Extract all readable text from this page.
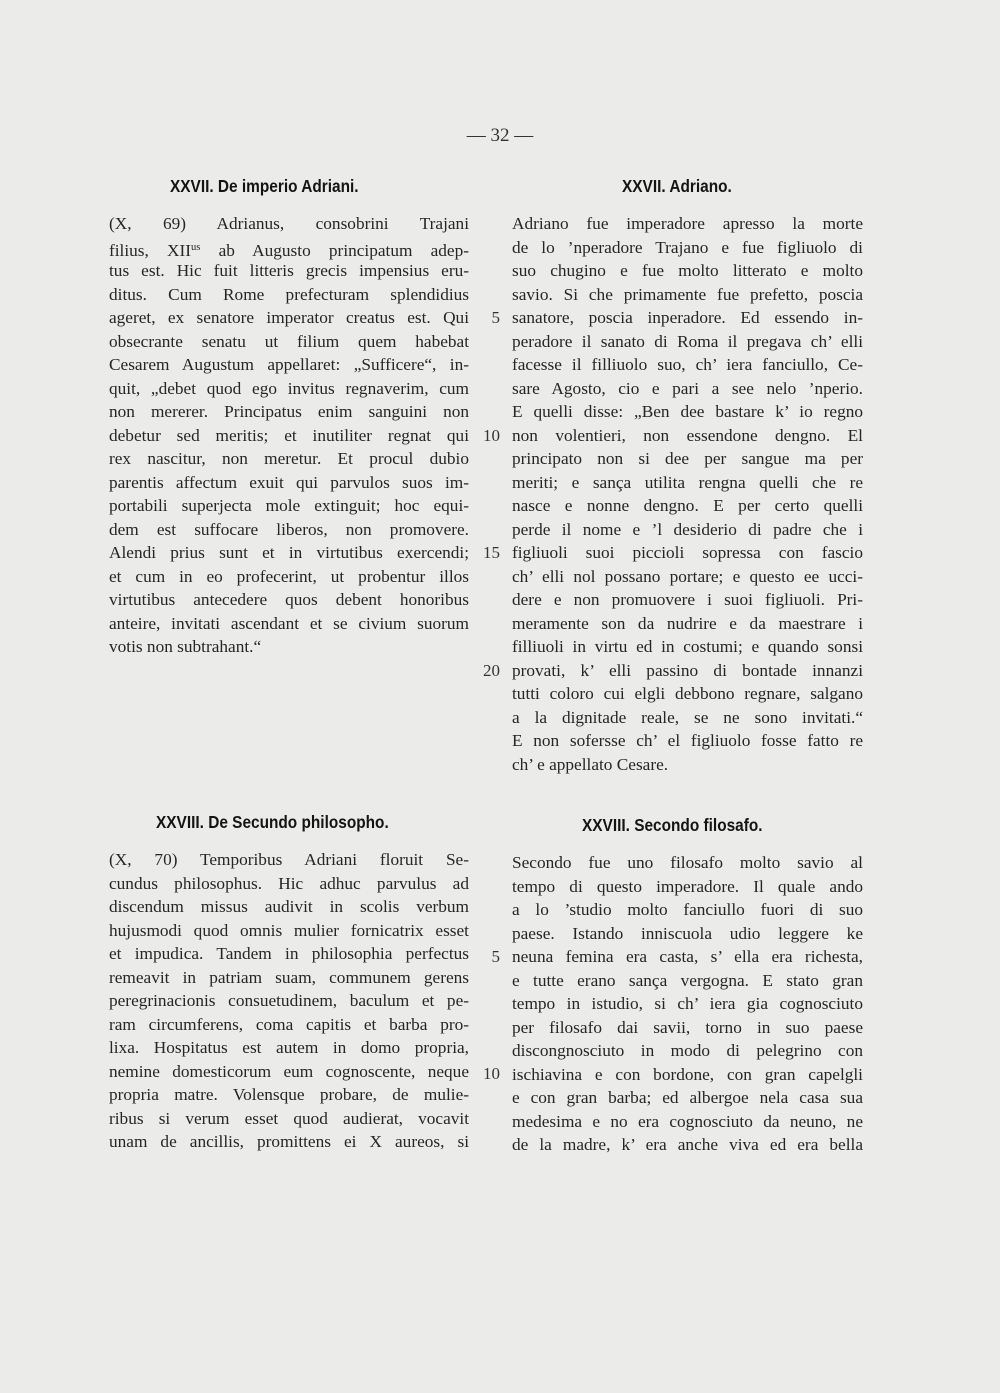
— 32 —
XXVII. De imperio Adriani.	XXVII. Adriano.
(X, 69) Adrianus, consobrini Trajani
filius, $XII^{us}$ ab Augusto principatum adep-
tus est. Hic fuit litteris grecis impensius eru-
ditus. Cum Rome prefecturam splendidius
ageret, ex senatore imperator creatus est. Qui
obsecrante senatu ut filium quem habebat
Cesarem Augustum appellaret: „Sufficere“, in-
quit, „debet quod ego invitus regnaverim, cum
non mererer. Principatus enim sanguini non
debetur sed meritis; et inutiliter regnat qui
rex nascitur, non meretur. Et procul dubio
parentis affectum exuit qui parvulos suos im-
portabili superjecta mole extinguit; hoc equi-
dem est suffocare liberos, non promovere.
Alendi prius sunt et in virtutibus exercendi;
et cum in eo profecerint, ut probentur illos
virtutibus antecedere quos debent honoribus
anteire, invitati ascendant et se civium suorum
votis non subtrahant.“
Adriano fue imperadore apresso la morte
de lo ’nperadore Trajano e fue figliuolo di
suo chugino e fue molto litterato e molto
savio. Si che primamente fue prefetto, poscia
sanatore, poscia inperadore. Ed essendo in-
peradore il sanato di Roma il pregava ch’ elli
facesse il filliuolo suo, ch’ iera fanciullo, Ce-
sare Agosto, cio e pari a see nelo ’nperio.
E quelli disse: „Ben dee bastare k’ io regno
non volentieri, non essendone dengno. El
principato non si dee per sangue ma per
meriti; e sança utilita rengna quelli che re
nasce e nonne dengno. E per certo quelli
perde il nome e ’l desiderio di padre che i
figliuoli suoi piccioli sopressa con fascio
ch’ elli nol possano portare; e questo ee ucci-
dere e non promuovere i suoi figliuoli. Pri-
meramente son da nudrire e da maestrare i
filliuoli in virtu ed in costumi; e quando sonsi
provati, k’ elli passino di bontade innanzi
tutti coloro cui elgli debbono regnare, salgano
a la dignitade reale, se ne sono invitati.“
E non sofersse ch’ el figliuolo fosse fatto re
ch’ e appellato Cesare.
5
10
15
20
XXVIII. De Secundo philosopho.	XXVIII. Secondo filosafo.
(X, 70) Temporibus Adriani floruit Se-
cundus philosophus. Hic adhuc parvulus ad
discendum missus audivit in scolis verbum
hujusmodi quod omnis mulier fornicatrix esset
et impudica. Tandem in philosophia perfectus
remeavit in patriam suam, communem gerens
peregrinacionis consuetudinem, baculum et pe-
ram circumferens, coma capitis et barba pro-
lixa. Hospitatus est autem in domo propria,
nemine domesticorum eum cognoscente, neque
propria matre. Volensque probare, de mulie-
ribus si verum esset quod audierat, vocavit
unam de ancillis, promittens ei X aureos, si
Secondo fue uno filosafo molto savio al
tempo di questo imperadore. Il quale ando
a lo ’studio molto fanciullo fuori di suo
paese. Istando inniscuola udio leggere ke
neuna femina era casta, s’ ella era richesta,
e tutte erano sança vergogna. E stato gran
tempo in istudio, si ch’ iera gia cognosciuto
per filosafo dai savii, torno in suo paese
discongnosciuto in modo di pelegrino con
ischiavina e con bordone, con gran capelgli
e con gran barba; ed albergoe nela casa sua
medesima e no era cognosciuto da neuno, ne
de la madre, k’ era anche viva ed era bella
5
10
